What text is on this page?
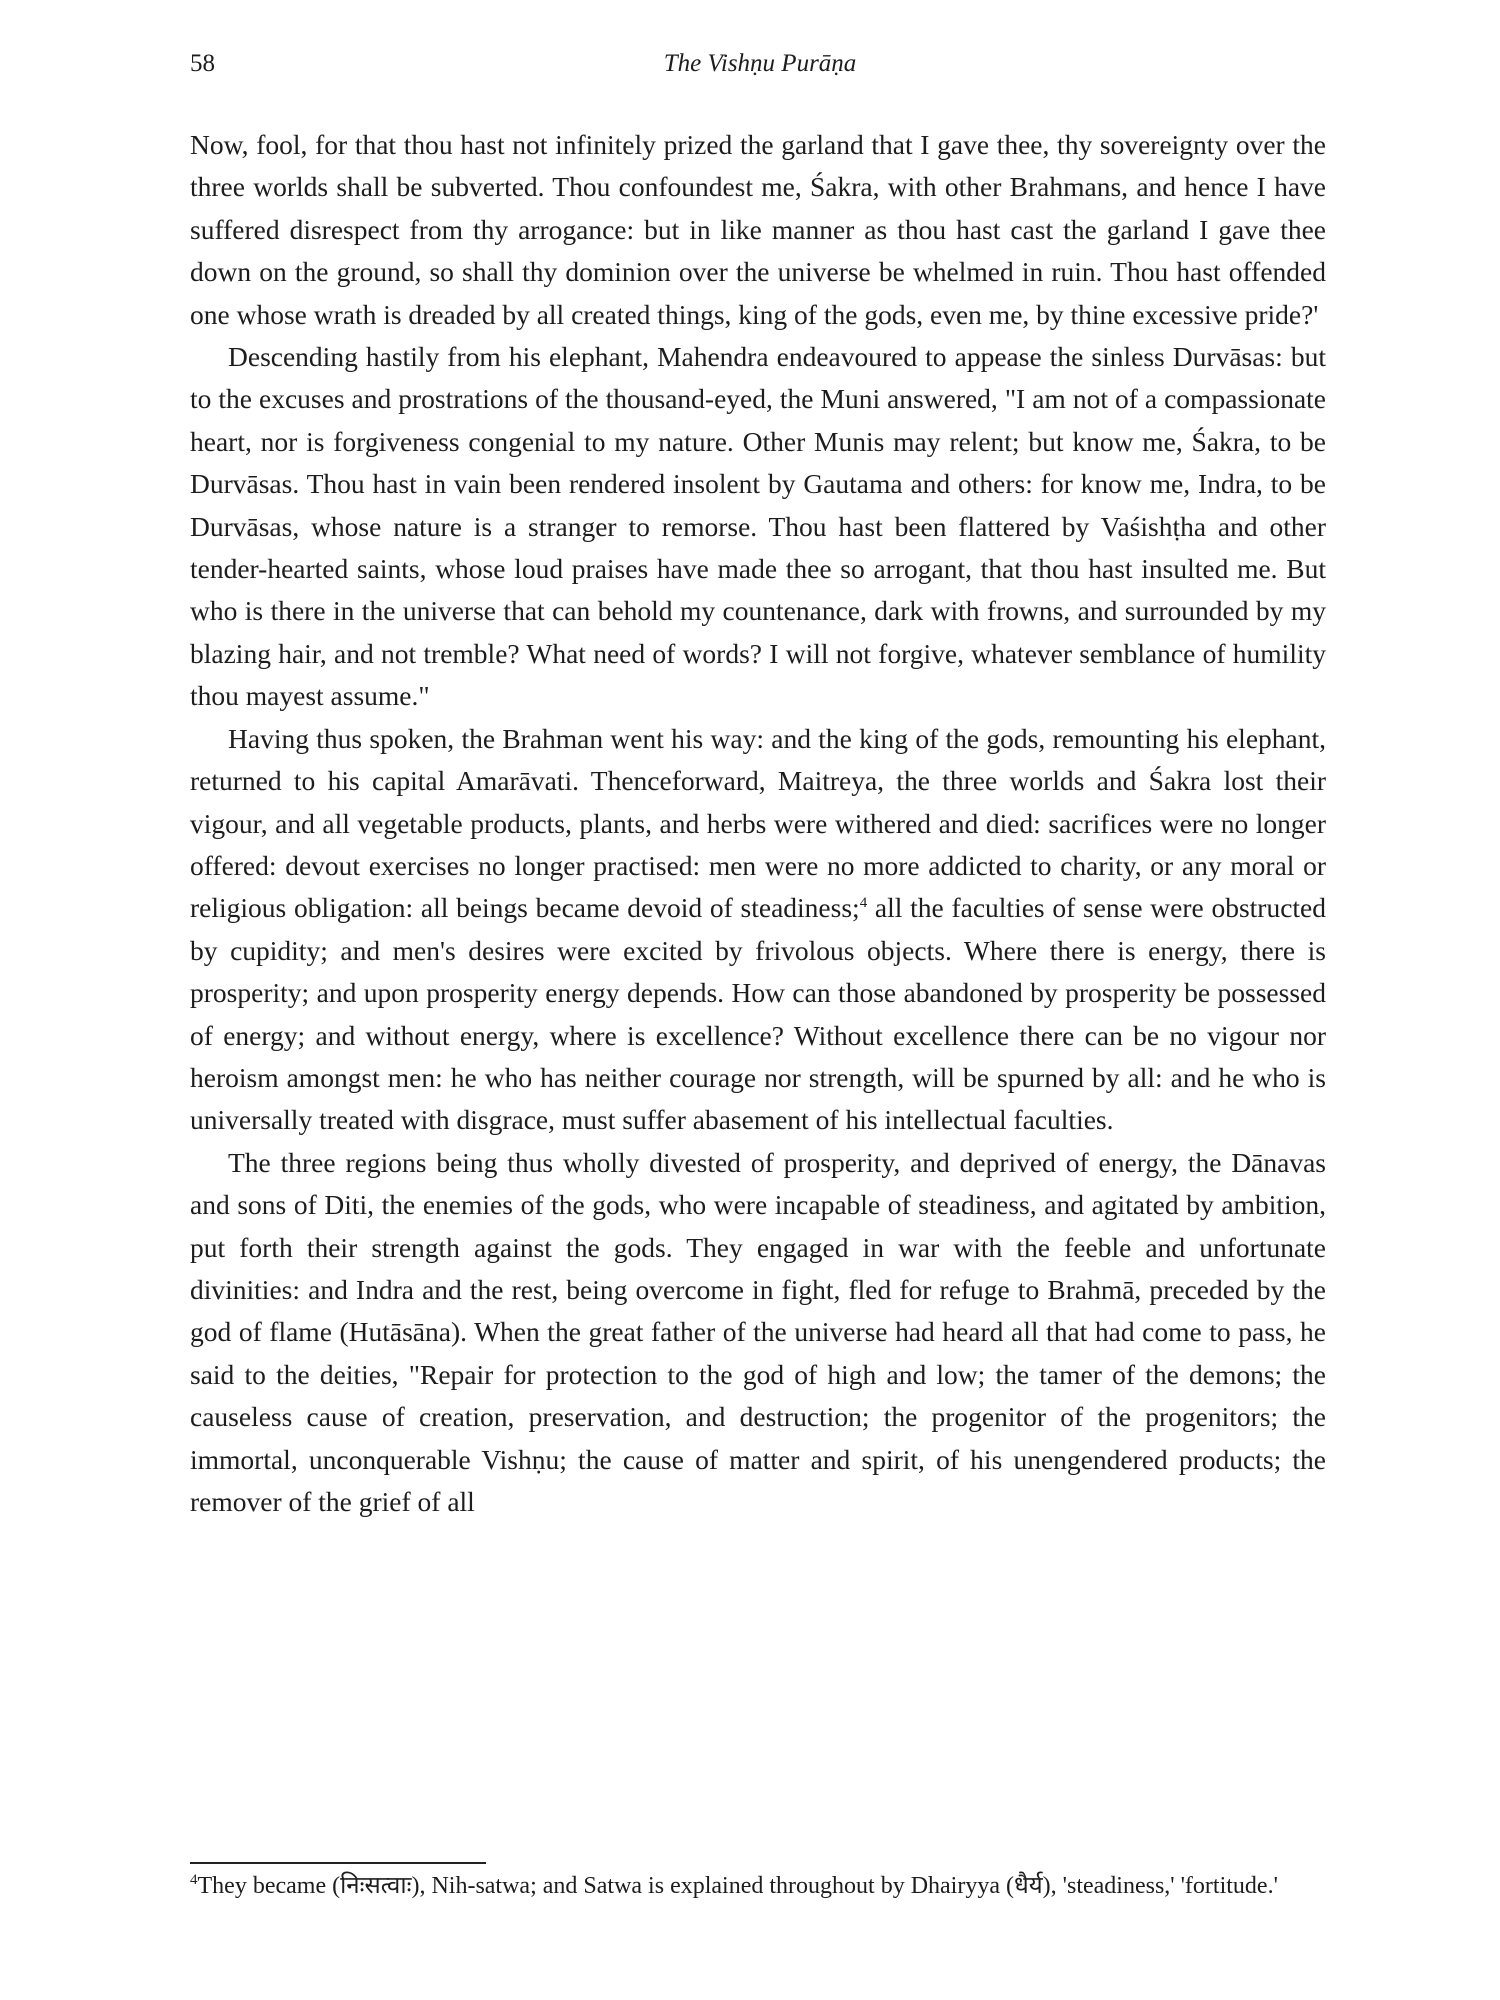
58	The Vishṇu Purāṇa

Now, fool, for that thou hast not infinitely prized the garland that I gave thee, thy sovereignty over the three worlds shall be subverted. Thou confoundest me, Śakra, with other Brahmans, and hence I have suffered disrespect from thy arrogance: but in like manner as thou hast cast the garland I gave thee down on the ground, so shall thy dominion over the universe be whelmed in ruin. Thou hast offended one whose wrath is dreaded by all created things, king of the gods, even me, by thine excessive pride?'

Descending hastily from his elephant, Mahendra endeavoured to appease the sinless Durvāsas: but to the excuses and prostrations of the thousand-eyed, the Muni answered, "I am not of a compassionate heart, nor is forgiveness congenial to my nature. Other Munis may relent; but know me, Śakra, to be Durvāsas. Thou hast in vain been rendered insolent by Gautama and others: for know me, Indra, to be Durvāsas, whose nature is a stranger to remorse. Thou hast been flattered by Vaśishṭha and other tender-hearted saints, whose loud praises have made thee so arrogant, that thou hast insulted me. But who is there in the universe that can behold my countenance, dark with frowns, and surrounded by my blazing hair, and not tremble? What need of words? I will not forgive, whatever semblance of humility thou mayest assume."

Having thus spoken, the Brahman went his way: and the king of the gods, remounting his elephant, returned to his capital Amarāvati. Thenceforward, Maitreya, the three worlds and Śakra lost their vigour, and all vegetable products, plants, and herbs were withered and died: sacrifices were no longer offered: devout exercises no longer practised: men were no more addicted to charity, or any moral or religious obligation: all beings became devoid of steadiness;$^4$ all the faculties of sense were obstructed by cupidity; and men's desires were excited by frivolous objects. Where there is energy, there is prosperity; and upon prosperity energy depends. How can those abandoned by prosperity be possessed of energy; and without energy, where is excellence? Without excellence there can be no vigour nor heroism amongst men: he who has neither courage nor strength, will be spurned by all: and he who is universally treated with disgrace, must suffer abasement of his intellectual faculties.

The three regions being thus wholly divested of prosperity, and deprived of energy, the Dānavas and sons of Diti, the enemies of the gods, who were incapable of steadiness, and agitated by ambition, put forth their strength against the gods. They engaged in war with the feeble and unfortunate divinities: and Indra and the rest, being overcome in fight, fled for refuge to Brahmā, preceded by the god of flame (Hutāsāna). When the great father of the universe had heard all that had come to pass, he said to the deities, "Repair for protection to the god of high and low; the tamer of the demons; the causeless cause of creation, preservation, and destruction; the progenitor of the progenitors; the immortal, unconquerable Vishṇu; the cause of matter and spirit, of his unengendered products; the remover of the grief of all

$^4$They became (निःसत्वाः), Nih-satwa; and Satwa is explained throughout by Dhairyya (धैर्य), 'steadiness,' 'fortitude.'
